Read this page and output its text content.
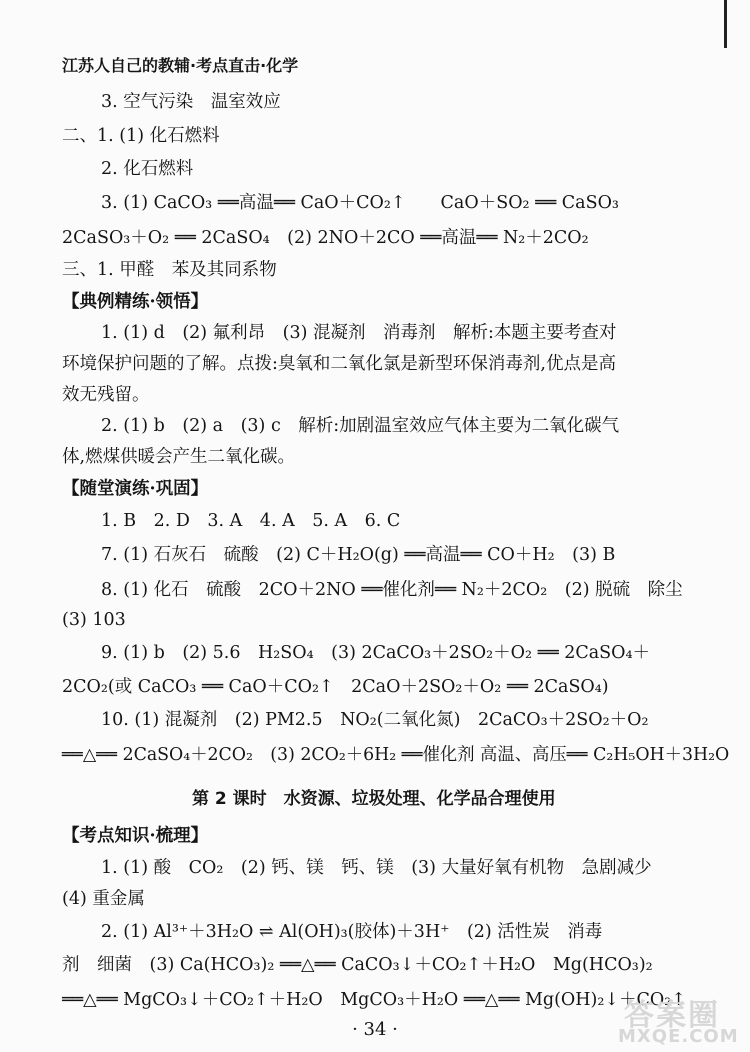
江苏人自己的教辅·考点直击·化学
3. 空气污染　温室效应
二、1. (1) 化石燃料
2. 化石燃料
3. (1) CaCO₃ ══高温══ CaO＋CO₂↑　　CaO＋SO₂ ══ CaSO₃
2CaSO₃＋O₂ ══ 2CaSO₄　(2) 2NO＋2CO ══高温══ N₂＋2CO₂
三、1. 甲醛　苯及其同系物
【典例精练·领悟】
1. (1) d　(2) 氟利昂　(3) 混凝剂　消毒剂　解析:本题主要考查对
环境保护问题的了解。点拨:臭氧和二氧化氯是新型环保消毒剂,优点是高
效无残留。
2. (1) b　(2) a　(3) c　解析:加剧温室效应气体主要为二氧化碳气
体,燃煤供暖会产生二氧化碳。
【随堂演练·巩固】
1. B　2. D　3. A　4. A　5. A　6. C
7. (1) 石灰石　硫酸　(2) C＋H₂O(g) ══高温══ CO＋H₂　(3) B
8. (1) 化石　硫酸　2CO＋2NO ══催化剂══ N₂＋2CO₂　(2) 脱硫　除尘
(3) 103
9. (1) b　(2) 5.6　H₂SO₄　(3) 2CaCO₃＋2SO₂＋O₂ ══ 2CaSO₄＋
2CO₂(或 CaCO₃ ══ CaO＋CO₂↑　2CaO＋2SO₂＋O₂ ══ 2CaSO₄)
10. (1) 混凝剂　(2) PM2.5　NO₂(二氧化氮)　2CaCO₃＋2SO₂＋O₂
══△══ 2CaSO₄＋2CO₂　(3) 2CO₂＋6H₂ ══催化剂 高温、高压══ C₂H₅OH＋3H₂O
第 2 课时　水资源、垃圾处理、化学品合理使用
【考点知识·梳理】
1. (1) 酸　CO₂　(2) 钙、镁　钙、镁　(3) 大量好氧有机物　急剧减少
(4) 重金属
2. (1) Al³⁺＋3H₂O ⇌ Al(OH)₃(胶体)＋3H⁺　(2) 活性炭　消毒
剂　细菌　(3) Ca(HCO₃)₂ ══△══ CaCO₃↓＋CO₂↑＋H₂O　Mg(HCO₃)₂
══△══ MgCO₃↓＋CO₂↑＋H₂O　MgCO₃＋H₂O ══△══ Mg(OH)₂↓＋CO₂↑
· 34 ·	答案圈
MXQE.COM
